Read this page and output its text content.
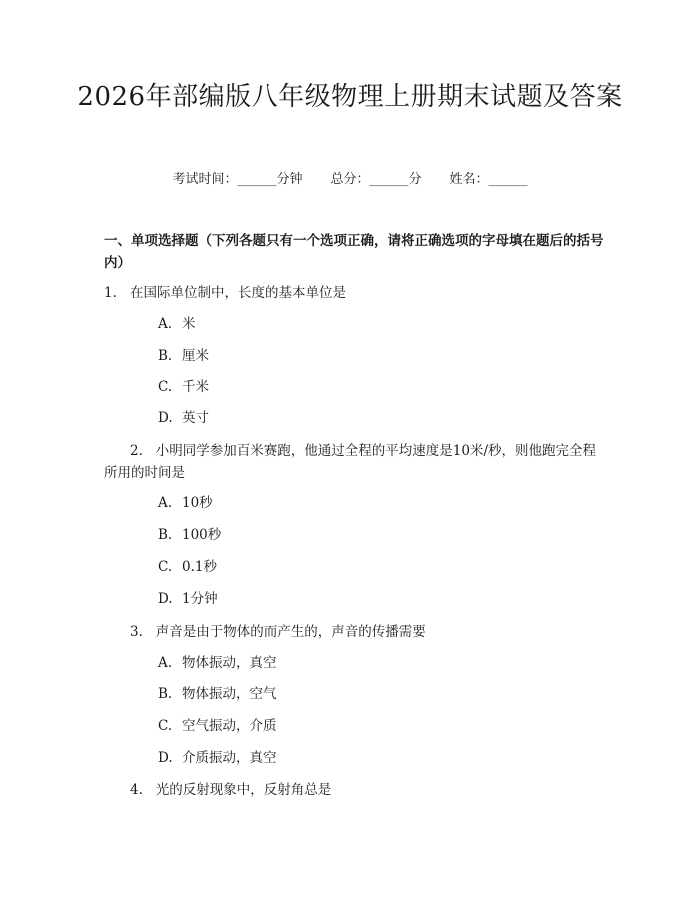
2026年部编版八年级物理上册期末试题及答案
考试时间：______分钟 总分：______分 姓名：______
一、单项选择题（下列各题只有一个选项正确，请将正确选项的字母填在题后的括号内）
1. 在国际单位制中，长度的基本单位是
A. 米
B. 厘米
C. 千米
D. 英寸
2. 小明同学参加百米赛跑，他通过全程的平均速度是10米/秒，则他跑完全程所用的时间是
A. 10秒
B. 100秒
C. 0.1秒
D. 1分钟
3. 声音是由于物体的而产生的，声音的传播需要
A. 物体振动，真空
B. 物体振动，空气
C. 空气振动，介质
D. 介质振动，真空
4. 光的反射现象中，反射角总是
